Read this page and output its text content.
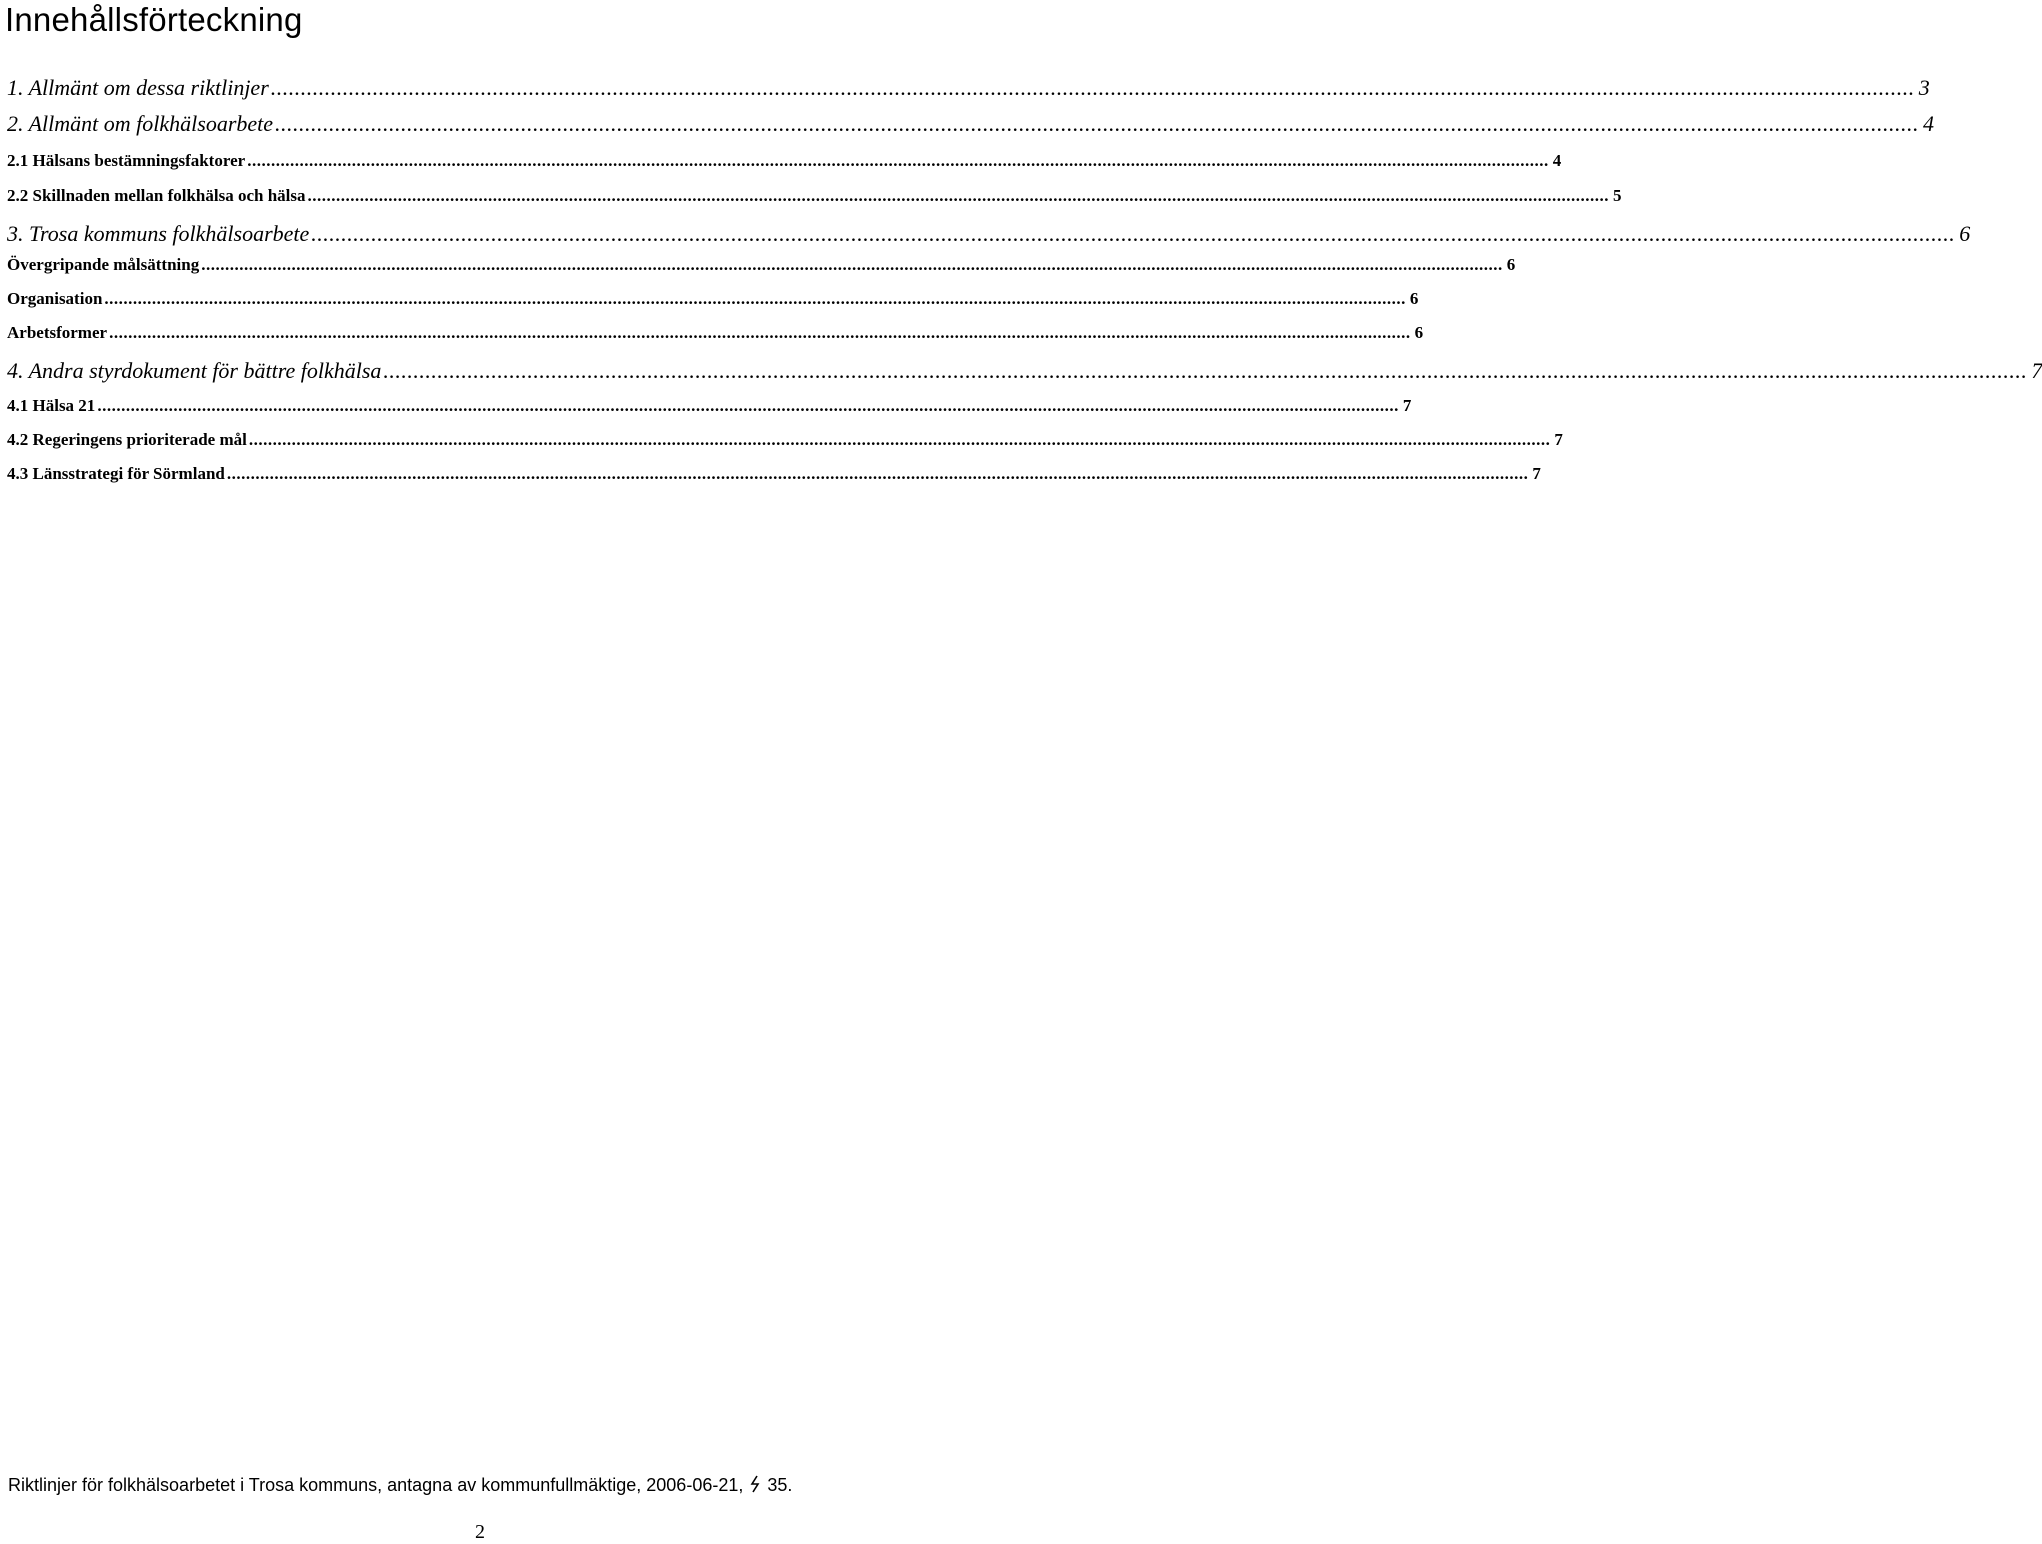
Innehållsförteckning
1. Allmänt om dessa riktlinjer .....	3
2. Allmänt om folkhälsoarbete .....	4
2.1 Hälsans bestämningsfaktorer .....	4
2.2 Skillnaden mellan folkhälsa och hälsa .....	5
3. Trosa kommuns folkhälsoarbete .....	6
Övergripande målsättning .....	6
Organisation .....	6
Arbetsformer .....	6
4. Andra styrdokument för bättre folkhälsa .....	7
4.1 Hälsa 21 .....	7
4.2 Regeringens prioriterade mål .....	7
4.3 Länsstrategi för Sörmland .....	7
Riktlinjer för folkhälsoarbetet i Trosa kommuns, antagna av kommunfullmäktige, 2006-06-21, 35.
2
